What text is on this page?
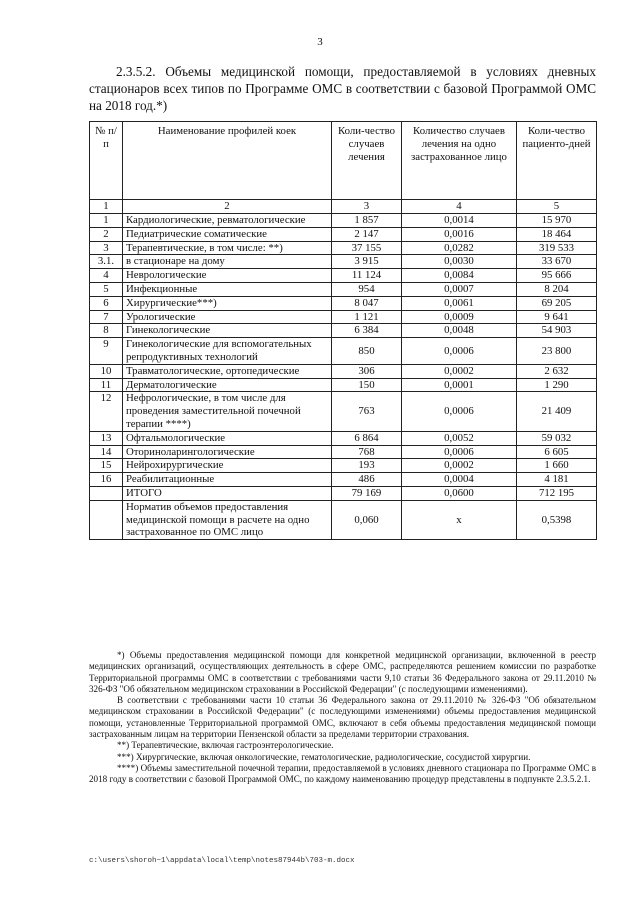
3
2.3.5.2. Объемы медицинской помощи, предоставляемой в условиях дневных стационаров всех типов по Программе ОМС в соответствии с базовой Программой ОМС на 2018 год.*)
№ п/п	Наименование профилей коек	Коли-чество случаев лечения	Количество случаев лечения на одно застрахованное лицо	Коли-чество пациенто-дней
1	2	3	4	5
1	Кардиологические, ревматологические	1 857	0,0014	15 970
2	Педиатрические соматические	2 147	0,0016	18 464
3	Терапевтические, в том числе: **)	37 155	0,0282	319 533
3.1.	в стационаре на дому	3 915	0,0030	33 670
4	Неврологические	11 124	0,0084	95 666
5	Инфекционные	954	0,0007	8 204
6	Хирургические***)	8 047	0,0061	69 205
7	Урологические	1 121	0,0009	9 641
8	Гинекологические	6 384	0,0048	54 903
9	Гинекологические для вспомогательных репродуктивных технологий	850	0,0006	23 800
10	Травматологические, ортопедические	306	0,0002	2 632
11	Дерматологические	150	0,0001	1 290
12	Нефрологические, в том числе для проведения заместительной почечной терапии ****)	763	0,0006	21 409
13	Офтальмологические	6 864	0,0052	59 032
14	Оториноларингологические	768	0,0006	6 605
15	Нейрохирургические	193	0,0002	1 660
16	Реабилитационные	486	0,0004	4 181
	ИТОГО	79 169	0,0600	712 195
	Норматив объемов предоставления медицинской помощи в расчете на одно застрахованное по ОМС лицо	0,060	х	0,5398

*) Объемы предоставления медицинской помощи для конкретной медицинской организации, включенной в реестр медицинских организаций, осуществляющих деятельность в сфере ОМС, распределяются решением комиссии по разработке Территориальной программы ОМС в соответствии с требованиями части 9,10 статьи 36 Федерального закона от 29.11.2010 № 326-ФЗ "Об обязательном медицинском страховании в Российской Федерации" (с последующими изменениями).

В соответствии с требованиями части 10 статьи 36 Федерального закона от 29.11.2010 № 326-ФЗ "Об обязательном медицинском страховании в Российской Федерации" (с последующими изменениями) объемы предоставления медицинской помощи, установленные Территориальной программой ОМС, включают в себя объемы предоставления медицинской помощи застрахованным лицам на территории Пензенской области за пределами территории страхования.

**) Терапевтические, включая гастроэнтерологические.

***) Хирургические, включая онкологические, гематологические, радиологические, сосудистой хирургии.

****) Объемы заместительной почечной терапии, предоставляемой в условиях дневного стационара по Программе ОМС в 2018 году в соответствии с базовой Программой ОМС, по каждому наименованию процедур представлены в подпункте 2.3.5.2.1.

c:\users\shoroh~1\appdata\local\temp\notes87944b\703-m.docx
